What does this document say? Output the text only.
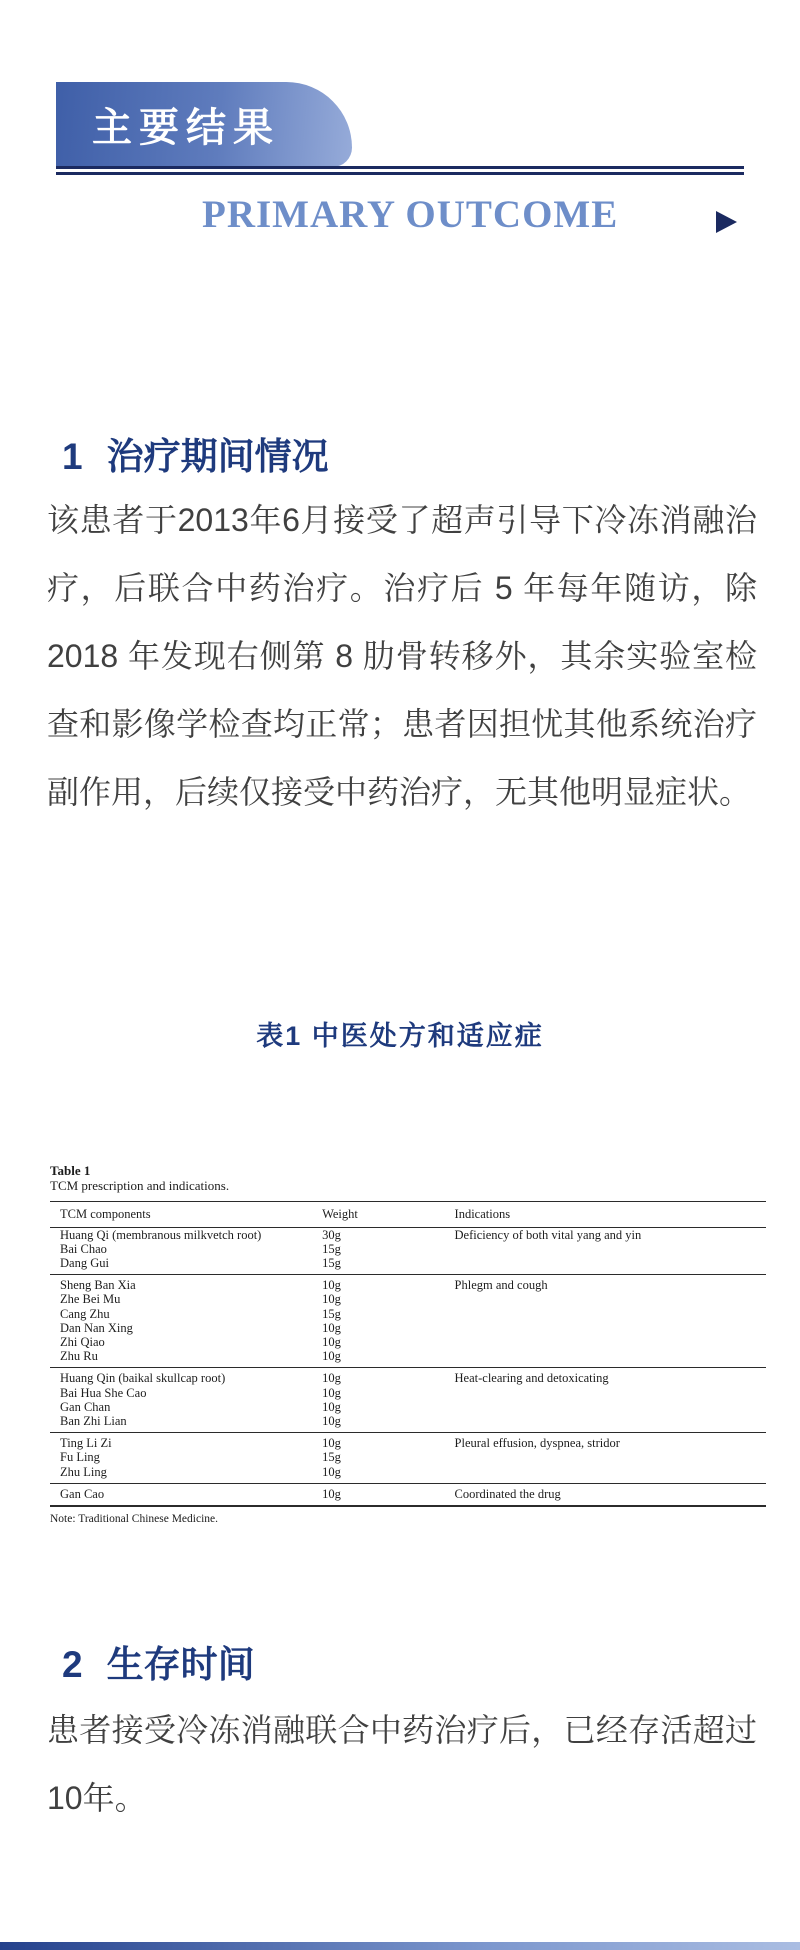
主要结果
PRIMARY OUTCOME
1 治疗期间情况

该患者于2013年6月接受了超声引导下冷冻消融治疗，后联合中药治疗。治疗后 5 年每年随访，除 2018 年发现右侧第 8 肋骨转移外，其余实验室检查和影像学检查均正常；患者因担忧其他系统治疗副作用，后续仅接受中药治疗，无其他明显症状。

表1 中医处方和适应症
Table 1
TCM prescription and indications.
TCM components	Weight	Indications
Huang Qi (membranous milkvetch root)	30g	Deficiency of both vital yang and yin
Bai Chao	15g	
Dang Gui	15g	
Sheng Ban Xia	10g	Phlegm and cough
Zhe Bei Mu	10g	
Cang Zhu	15g	
Dan Nan Xing	10g	
Zhi Qiao	10g	
Zhu Ru	10g	
Huang Qin (baikal skullcap root)	10g	Heat-clearing and detoxicating
Bai Hua She Cao	10g	
Gan Chan	10g	
Ban Zhi Lian	10g	
Ting Li Zi	10g	Pleural effusion, dyspnea, stridor
Fu Ling	15g	
Zhu Ling	10g	
Gan Cao	10g	Coordinated the drug
Note: Traditional Chinese Medicine.
2 生存时间

患者接受冷冻消融联合中药治疗后，已经存活超过10年。
